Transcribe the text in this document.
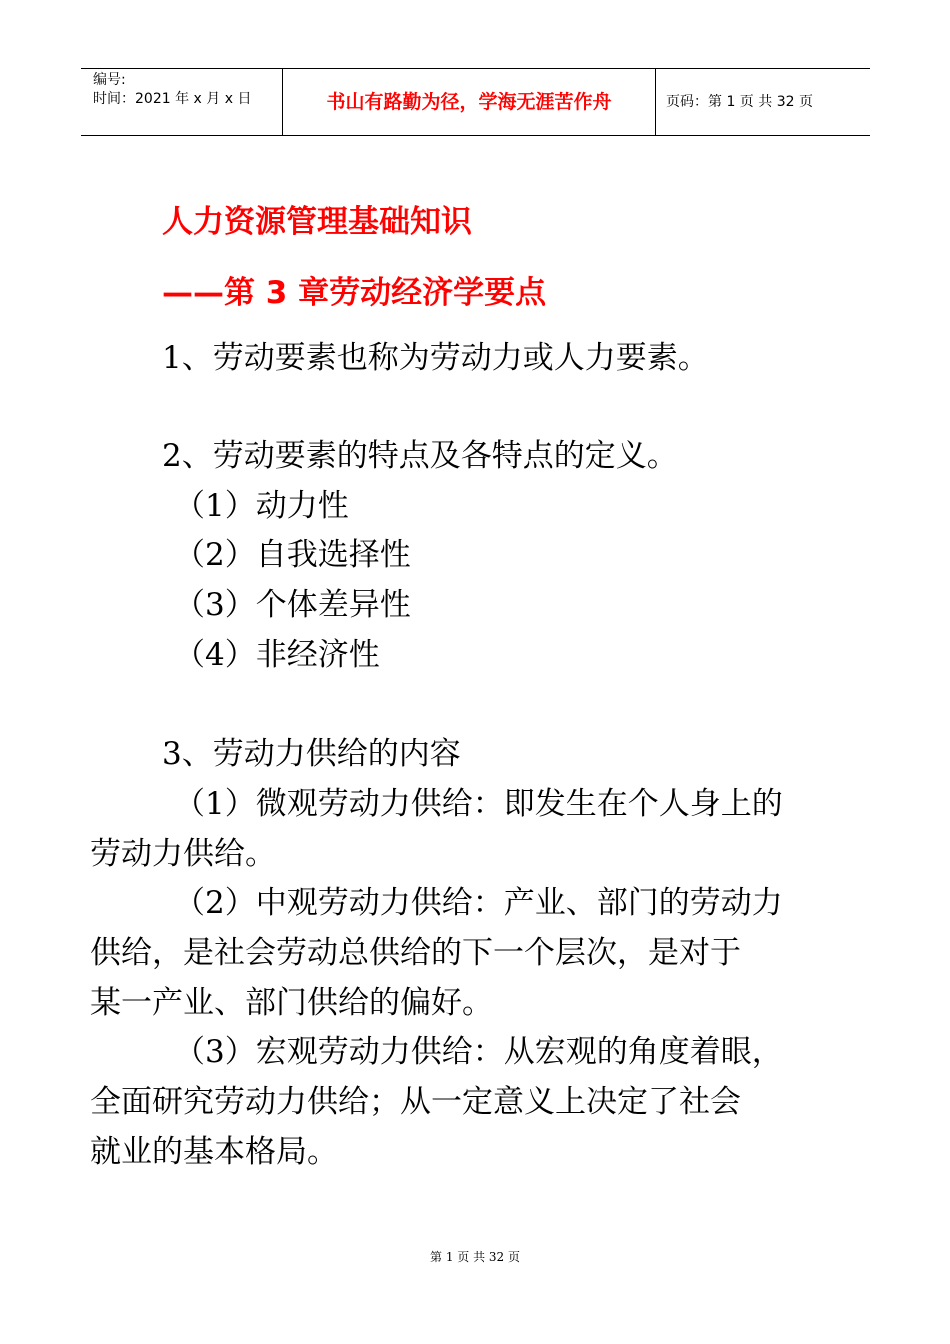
编号:
时间：2021 年 x 月 x 日	书山有路勤为径，学海无涯苦作舟	页码：第 1 页 共 32 页
人力资源管理基础知识
——第 3 章劳动经济学要点
1、劳动要素也称为劳动力或人力要素。
2、劳动要素的特点及各特点的定义。
（1）动力性
（2）自我选择性
（3）个体差异性
（4）非经济性
3、劳动力供给的内容
（1）微观劳动力供给：即发生在个人身上的
劳动力供给。
（2）中观劳动力供给：产业、部门的劳动力
供给，是社会劳动总供给的下一个层次，是对于
某一产业、部门供给的偏好。
（3）宏观劳动力供给：从宏观的角度着眼，
全面研究劳动力供给；从一定意义上决定了社会
就业的基本格局。
第 1 页 共 32 页
